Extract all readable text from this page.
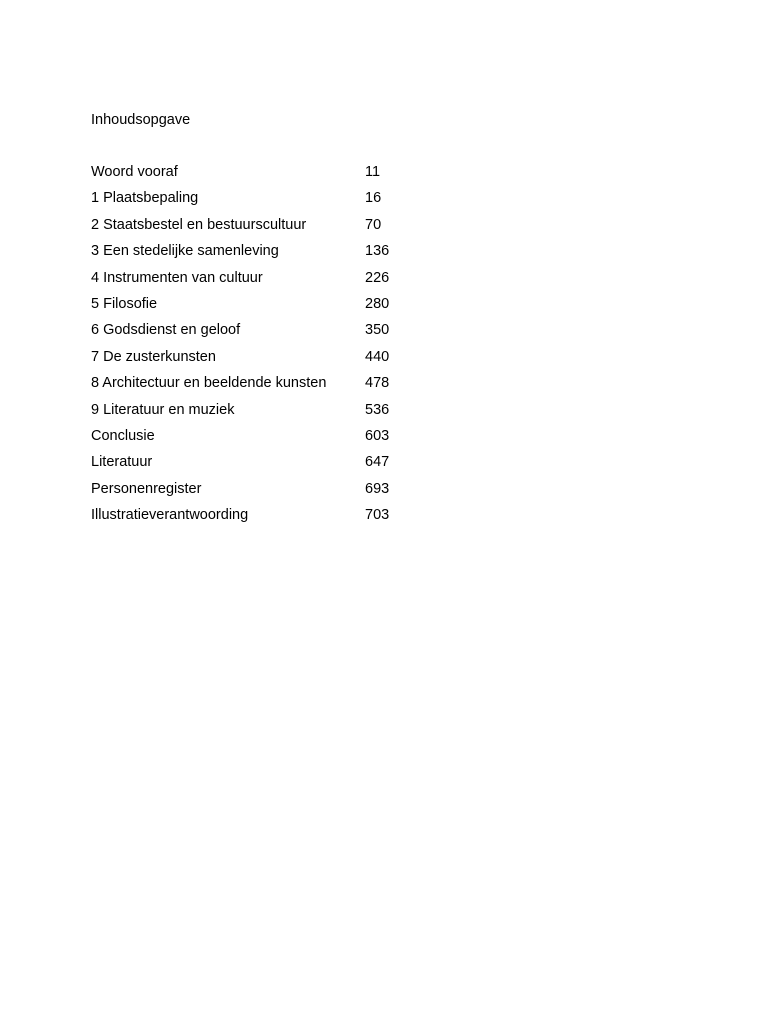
Inhoudsopgave
Woord vooraf	11
1 Plaatsbepaling	16
2 Staatsbestel en bestuurscultuur	70
3 Een stedelijke samenleving	136
4 Instrumenten van cultuur	226
5 Filosofie	280
6 Godsdienst en geloof	350
7 De zusterkunsten	440
8 Architectuur en beeldende kunsten	478
9 Literatuur en muziek	536
Conclusie	603
Literatuur	647
Personenregister	693
Illustratieverantwoording	703
